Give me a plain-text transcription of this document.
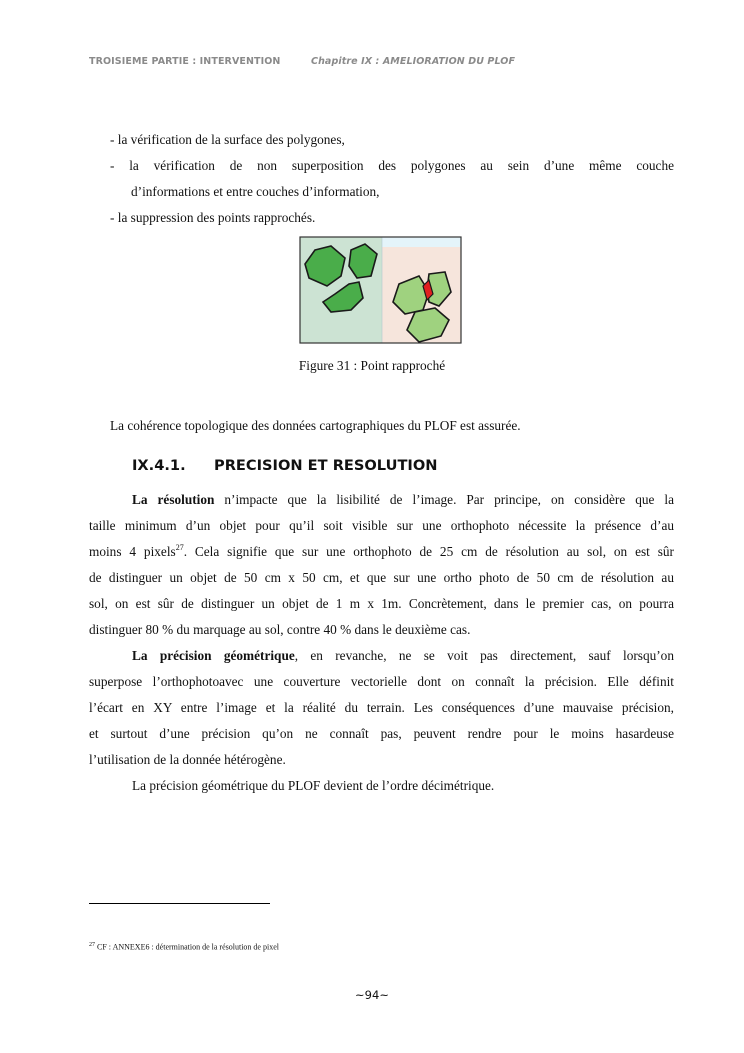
TROISIEME PARTIE : INTERVENTION	Chapitre IX : AMELIORATION DU PLOF
- la vérification de la surface des polygones,
- la vérification de non superposition des polygones au sein d’une même couche
d’informations et entre couches d’information,
- la suppression des points rapprochés.
Figure 31 : Point rapproché
La cohérence topologique des données cartographiques du PLOF est assurée.
IX.4.1. PRECISION ET RESOLUTION
La résolution n’impacte que la lisibilité de l’image. Par principe, on considère que la
taille minimum d’un objet pour qu’il soit visible sur une orthophoto nécessite la présence d’au
moins 4 pixels$^{27}$. Cela signifie que sur une orthophoto de 25 cm de résolution au sol, on est sûr
de distinguer un objet de 50 cm x 50 cm, et que sur une ortho photo de 50 cm de résolution au
sol, on est sûr de distinguer un objet de 1 m x 1m. Concrètement, dans le premier cas, on pourra
distinguer 80 % du marquage au sol, contre 40 % dans le deuxième cas.
La précision géométrique, en revanche, ne se voit pas directement, sauf lorsqu’on
superpose l’orthophotoavec une couverture vectorielle dont on connaît la précision. Elle définit
l’écart en XY entre l’image et la réalité du terrain. Les conséquences d’une mauvaise précision,
et surtout d’une précision qu’on ne connaît pas, peuvent rendre pour le moins hasardeuse
l’utilisation de la donnée hétérogène.
La précision géométrique du PLOF devient de l’ordre décimétrique.
$^{27}$ CF : ANNEXE6 : détermination de la résolution de pixel
~94~
